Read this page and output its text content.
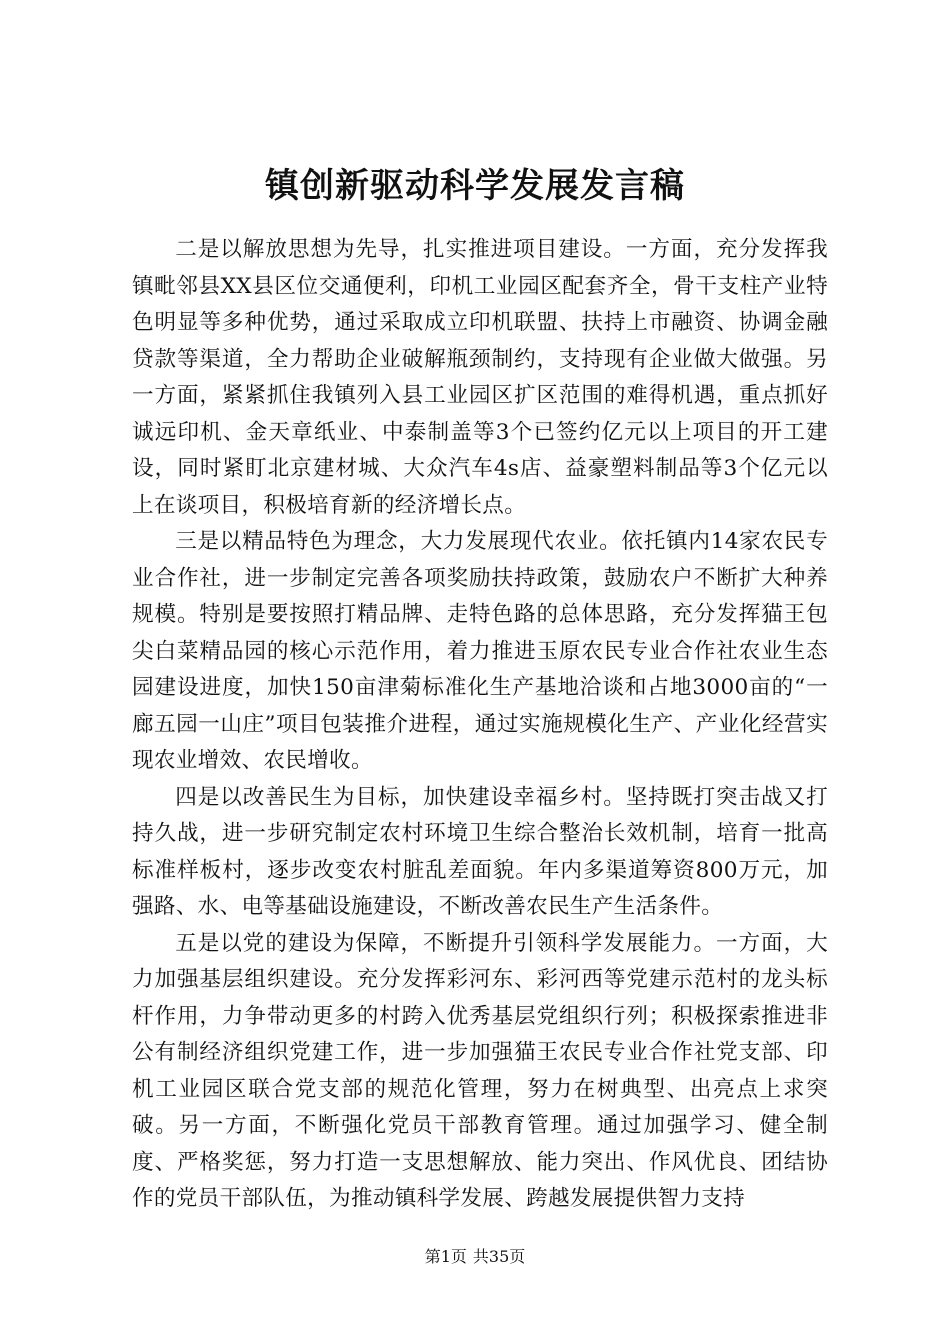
镇创新驱动科学发展发言稿

二是以解放思想为先导，扎实推进项目建设。一方面，充分发挥我镇毗邻县XX县区位交通便利，印机工业园区配套齐全，骨干支柱产业特色明显等多种优势，通过采取成立印机联盟、扶持上市融资、协调金融贷款等渠道，全力帮助企业破解瓶颈制约，支持现有企业做大做强。另一方面，紧紧抓住我镇列入县工业园区扩区范围的难得机遇，重点抓好诚远印机、金天章纸业、中泰制盖等3个已签约亿元以上项目的开工建设，同时紧盯北京建材城、大众汽车4s店、益豪塑料制品等3个亿元以上在谈项目，积极培育新的经济增长点。

三是以精品特色为理念，大力发展现代农业。依托镇内14家农民专业合作社，进一步制定完善各项奖励扶持政策，鼓励农户不断扩大种养规模。特别是要按照打精品牌、走特色路的总体思路，充分发挥猫王包尖白菜精品园的核心示范作用，着力推进玉原农民专业合作社农业生态园建设进度，加快150亩津菊标准化生产基地洽谈和占地3000亩的“一廊五园一山庄”项目包装推介进程，通过实施规模化生产、产业化经营实现农业增效、农民增收。

四是以改善民生为目标，加快建设幸福乡村。坚持既打突击战又打持久战，进一步研究制定农村环境卫生综合整治长效机制，培育一批高标准样板村，逐步改变农村脏乱差面貌。年内多渠道筹资800万元，加强路、水、电等基础设施建设，不断改善农民生产生活条件。

五是以党的建设为保障，不断提升引领科学发展能力。一方面，大力加强基层组织建设。充分发挥彩河东、彩河西等党建示范村的龙头标杆作用，力争带动更多的村跨入优秀基层党组织行列；积极探索推进非公有制经济组织党建工作，进一步加强猫王农民专业合作社党支部、印机工业园区联合党支部的规范化管理，努力在树典型、出亮点上求突破。另一方面，不断强化党员干部教育管理。通过加强学习、健全制度、严格奖惩，努力打造一支思想解放、能力突出、作风优良、团结协作的党员干部队伍，为推动镇科学发展、跨越发展提供智力支持

第1页 共35页
